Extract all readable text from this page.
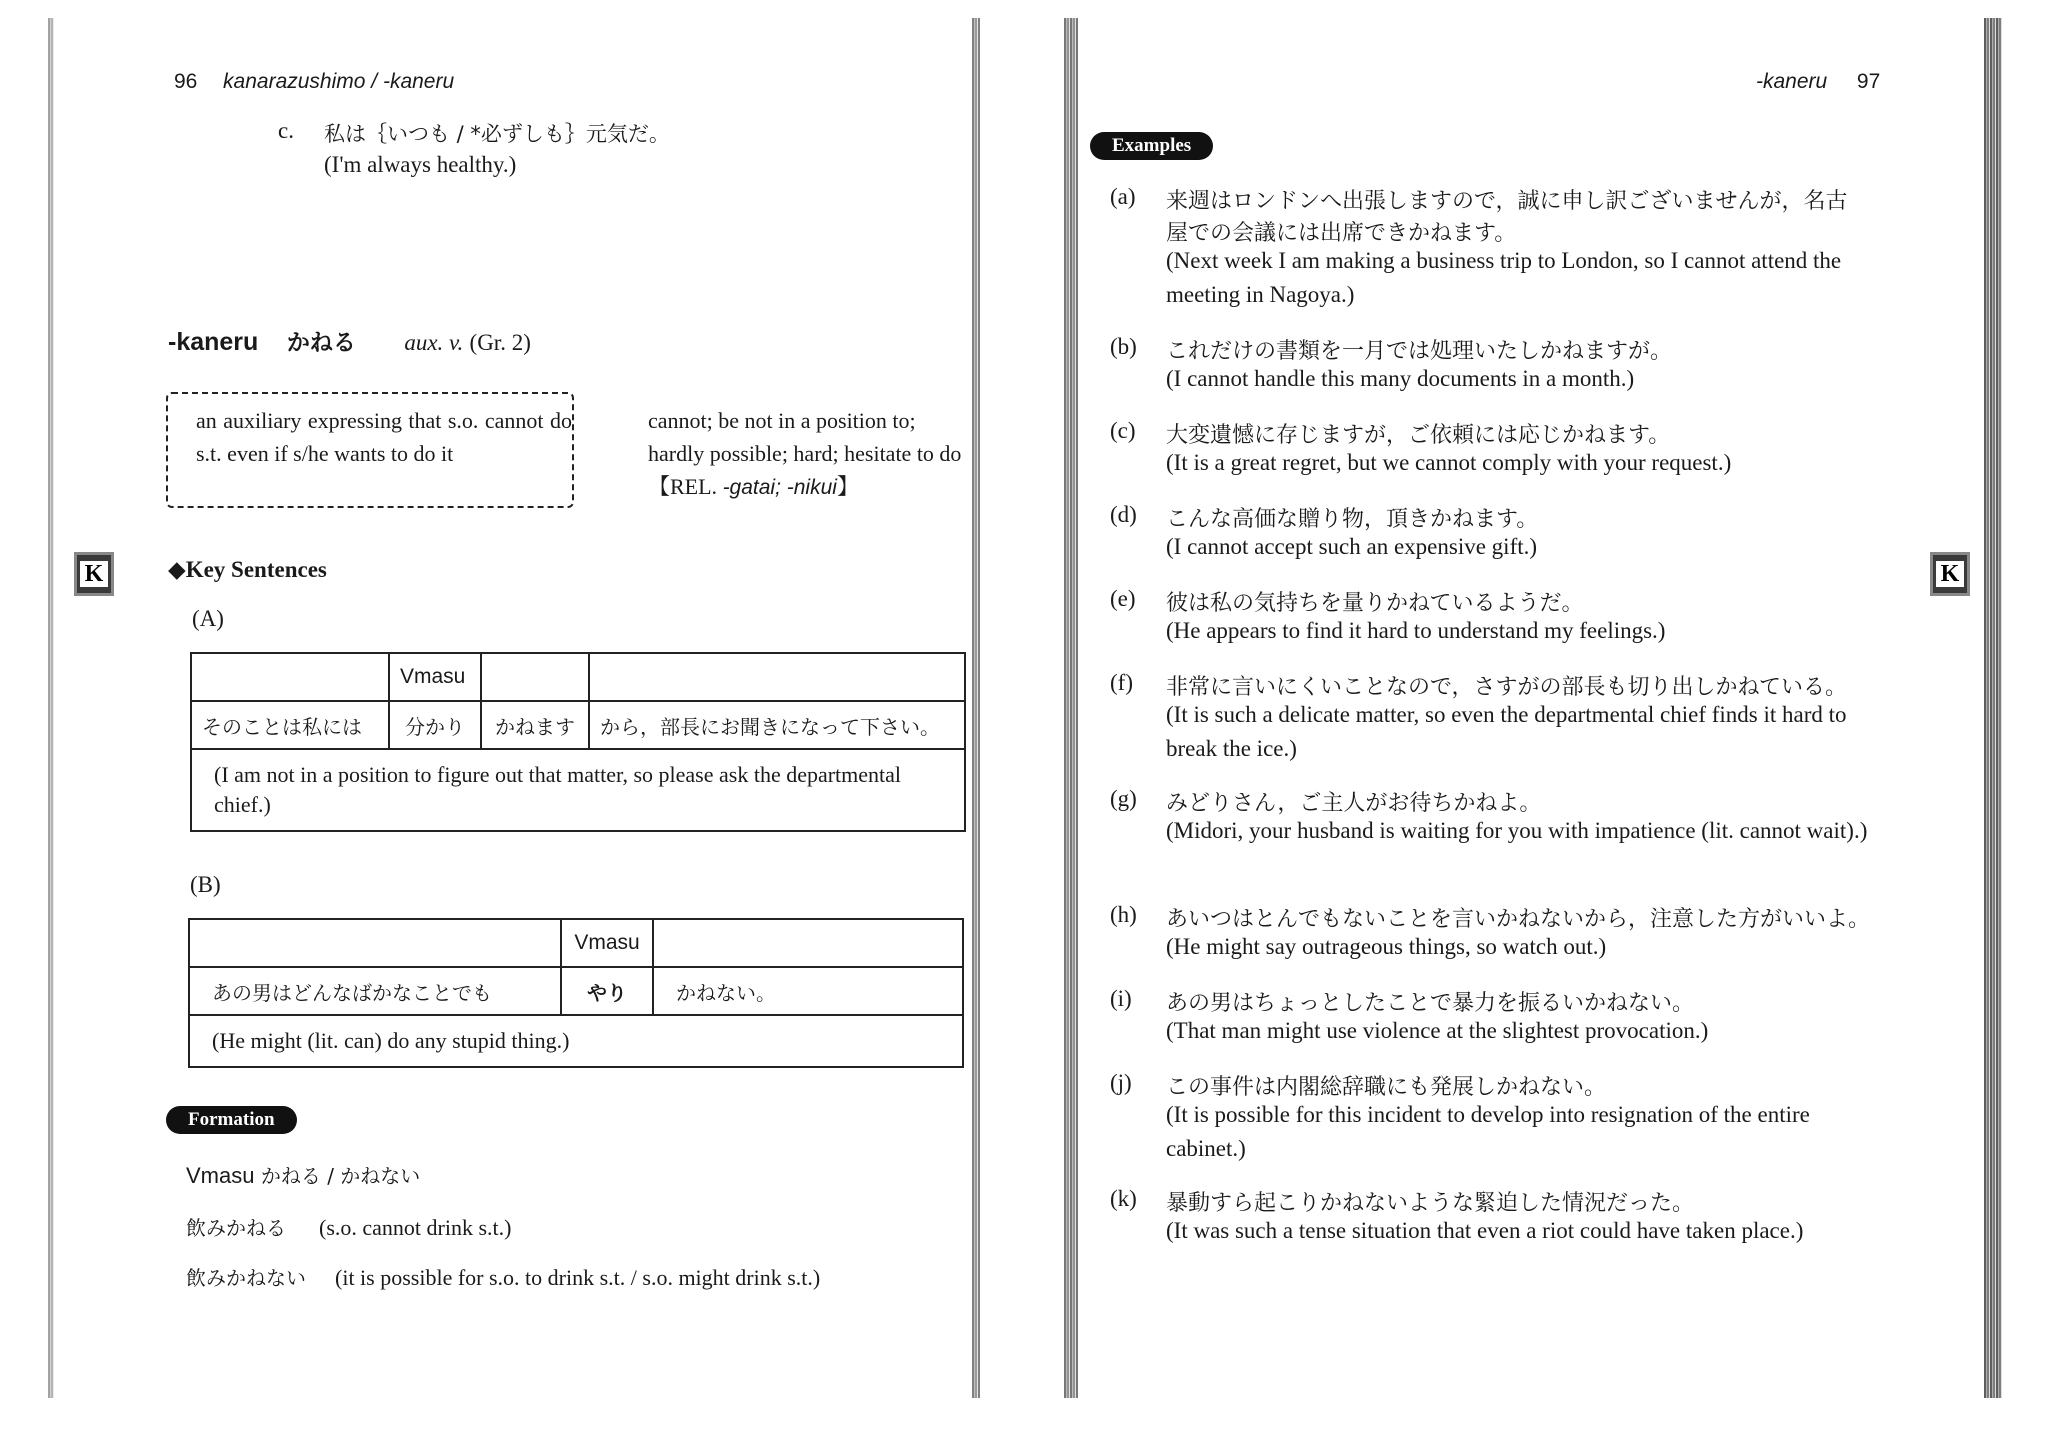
96 kanarazushimo / -kaneru
c. 私は｛いつも / *必ずしも｝元気だ。
(I'm always healthy.)
-kaneru かねる aux. v. (Gr. 2)
an auxiliary expressing that s.o. cannot do s.t. even if s/he wants to do it
cannot; be not in a position to; hardly possible; hard; hesitate to do
【REL. -gatai; -nikui】
K	◆Key Sentences
(A)
	Vmasu		
そのことは私には	分かり	かねます	から，部長にお聞きになって下さい。
(I am not in a position to figure out that matter, so please ask the departmental chief.)			
(B)
	Vmasu	
あの男はどんなばかなことでも	やり	かねない。
(He might (lit. can) do any stupid thing.)		
Formation
Vmasu かねる / かねない
飲みかねる (s.o. cannot drink s.t.)
飲みかねない (it is possible for s.o. to drink s.t. / s.o. might drink s.t.)
-kaneru 97
Examples
K
(a) 来週はロンドンへ出張しますので，誠に申し訳ございませんが，名古
屋での会議には出席できかねます。
(Next week I am making a business trip to London, so I cannot attend the meeting in Nagoya.)
(b) これだけの書類を一月では処理いたしかねますが。
(I cannot handle this many documents in a month.)
(c) 大変遺憾に存じますが，ご依頼には応じかねます。
(It is a great regret, but we cannot comply with your request.)
(d) こんな高価な贈り物，頂きかねます。
(I cannot accept such an expensive gift.)
(e) 彼は私の気持ちを量りかねているようだ。
(He appears to find it hard to understand my feelings.)
(f) 非常に言いにくいことなので，さすがの部長も切り出しかねている。
(It is such a delicate matter, so even the departmental chief finds it hard to break the ice.)
(g) みどりさん，ご主人がお待ちかねよ。
(Midori, your husband is waiting for you with impatience (lit. cannot wait).)
(h) あいつはとんでもないことを言いかねないから，注意した方がいいよ。
(He might say outrageous things, so watch out.)
(i) あの男はちょっとしたことで暴力を振るいかねない。
(That man might use violence at the slightest provocation.)
(j) この事件は内閣総辞職にも発展しかねない。
(It is possible for this incident to develop into resignation of the entire cabinet.)
(k) 暴動すら起こりかねないような緊迫した情況だった。
(It was such a tense situation that even a riot could have taken place.)
